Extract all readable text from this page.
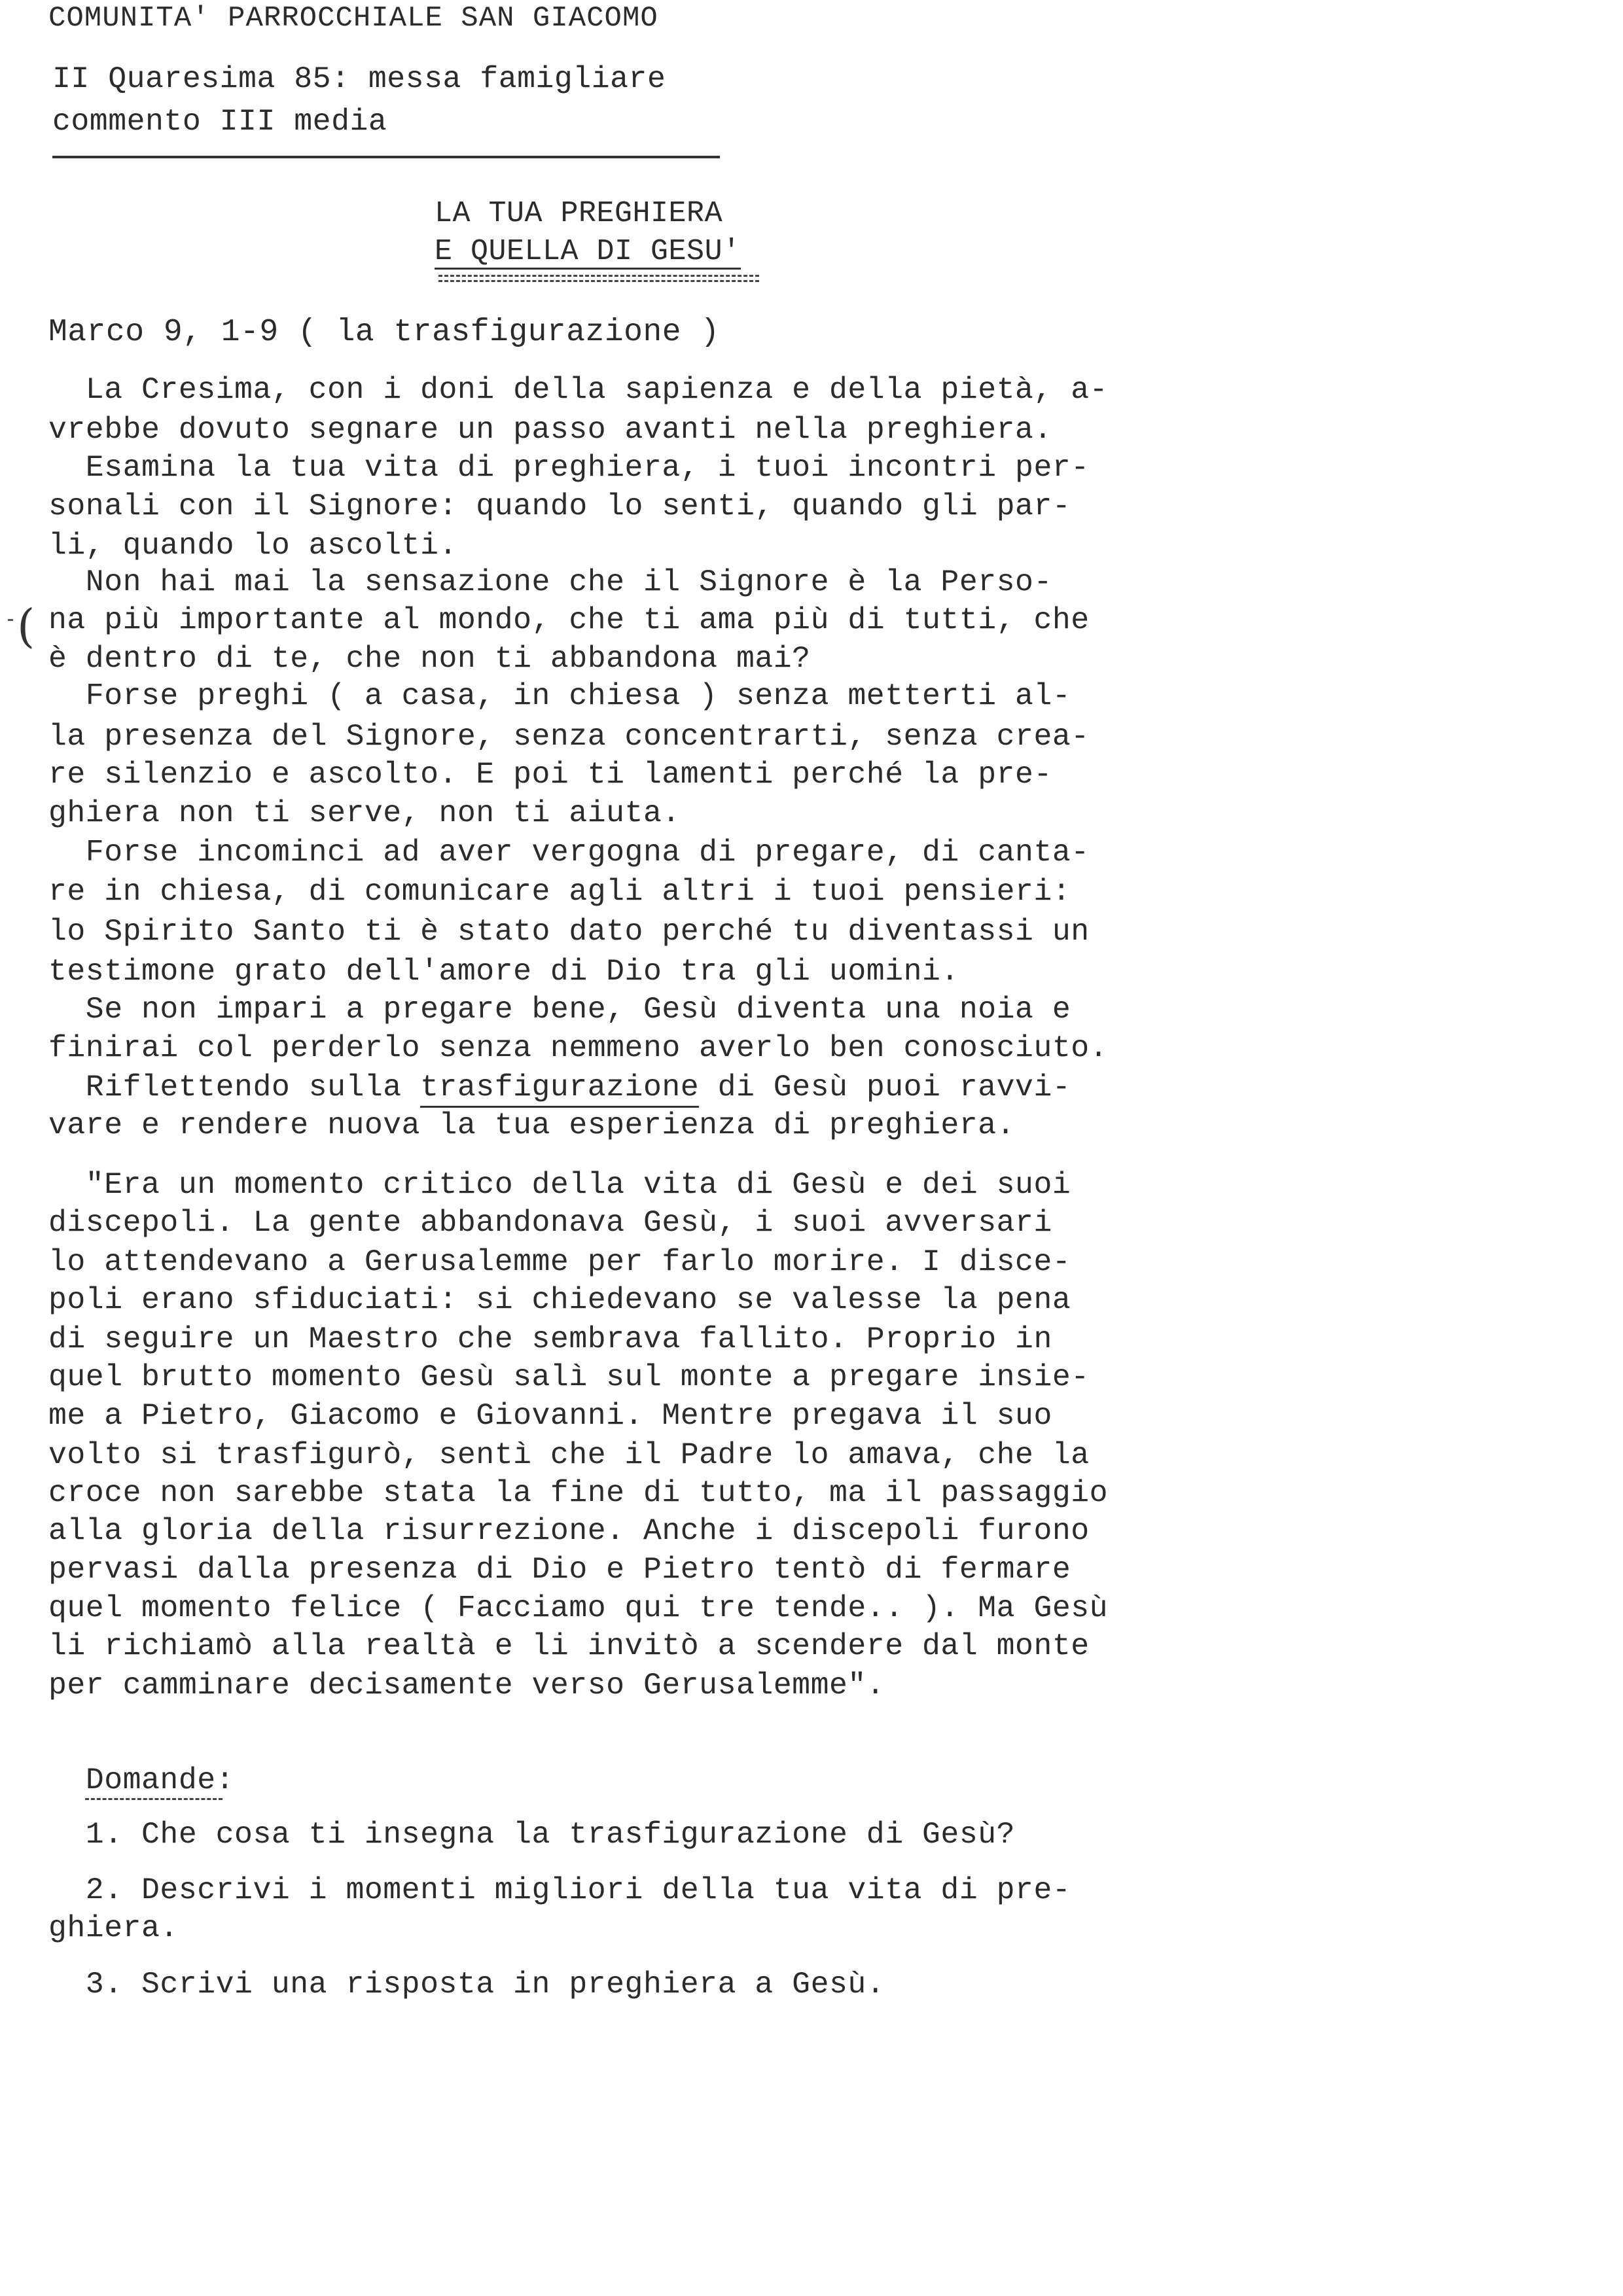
COMUNITA' PARROCCHIALE SAN GIACOMO
II Quaresima 85: messa famigliare
commento III media
LA TUA PREGHIERA
E QUELLA DI GESU'
Marco 9, 1-9 ( la trasfigurazione )
(
La Cresima, con i doni della sapienza e della pietà, a-
vrebbe dovuto segnare un passo avanti nella preghiera.
Esamina la tua vita di preghiera, i tuoi incontri per-
sonali con il Signore: quando lo senti, quando gli par-
li, quando lo ascolti.
Non hai mai la sensazione che il Signore è la Perso-
na più importante al mondo, che ti ama più di tutti, che
è dentro di te, che non ti abbandona mai?
Forse preghi ( a casa, in chiesa ) senza metterti al-
la presenza del Signore, senza concentrarti, senza crea-
re silenzio e ascolto. E poi ti lamenti perché la pre-
ghiera non ti serve, non ti aiuta.
Forse incominci ad aver vergogna di pregare, di canta-
re in chiesa, di comunicare agli altri i tuoi pensieri:
lo Spirito Santo ti è stato dato perché tu diventassi un
testimone grato dell'amore di Dio tra gli uomini.
Se non impari a pregare bene, Gesù diventa una noia e
finirai col perderlo senza nemmeno averlo ben conosciuto.
Riflettendo sulla trasfigurazione di Gesù puoi ravvi-
vare e rendere nuova la tua esperienza di preghiera.
"Era un momento critico della vita di Gesù e dei suoi
discepoli. La gente abbandonava Gesù, i suoi avversari
lo attendevano a Gerusalemme per farlo morire. I disce-
poli erano sfiduciati: si chiedevano se valesse la pena
di seguire un Maestro che sembrava fallito. Proprio in
quel brutto momento Gesù salì sul monte a pregare insie-
me a Pietro, Giacomo e Giovanni. Mentre pregava il suo
volto si trasfigurò, sentì che il Padre lo amava, che la
croce non sarebbe stata la fine di tutto, ma il passaggio
alla gloria della risurrezione. Anche i discepoli furono
pervasi dalla presenza di Dio e Pietro tentò di fermare
quel momento felice ( Facciamo qui tre tende.. ). Ma Gesù
li richiamò alla realtà e li invitò a scendere dal monte
per camminare decisamente verso Gerusalemme".
Domande:
1. Che cosa ti insegna la trasfigurazione di Gesù?
2. Descrivi i momenti migliori della tua vita di pre-
ghiera.
3. Scrivi una risposta in preghiera a Gesù.
